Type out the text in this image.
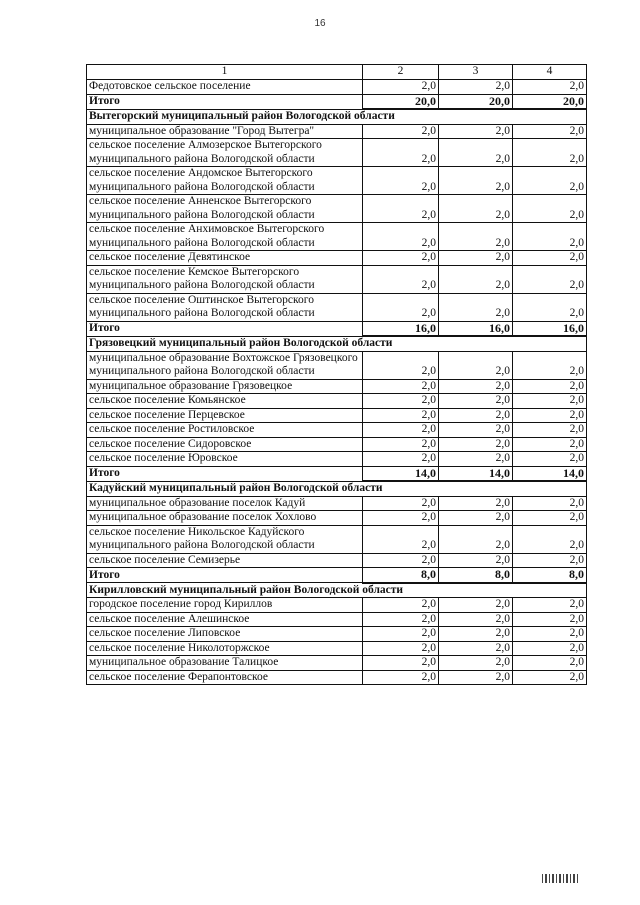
16
1	2	3	4
Федотовское сельское поселение	2,0	2,0	2,0
Итого	20,0	20,0	20,0
Вытегорский муниципальный район Вологодской области			
муниципальное образование "Город Вытегра"	2,0	2,0	2,0
сельское поселение Алмозерское Вытегорского муниципального района Вологодской области	2,0	2,0	2,0
сельское поселение Андомское Вытегорского муниципального района Вологодской области	2,0	2,0	2,0
сельское поселение Анненское Вытегорского муниципального района Вологодской области	2,0	2,0	2,0
сельское поселение Анхимовское Вытегорского муниципального района Вологодской области	2,0	2,0	2,0
сельское поселение Девятинское	2,0	2,0	2,0
сельское поселение Кемское Вытегорского муниципального района Вологодской области	2,0	2,0	2,0
сельское поселение Оштинское Вытегорского муниципального района Вологодской области	2,0	2,0	2,0
Итого	16,0	16,0	16,0
Грязовецкий муниципальный район Вологодской области			
муниципальное образование Вохтожское Грязовецкого муниципального района Вологодской области	2,0	2,0	2,0
муниципальное образование Грязовецкое	2,0	2,0	2,0
сельское поселение Комьянское	2,0	2,0	2,0
сельское поселение Перцевское	2,0	2,0	2,0
сельское поселение Ростиловское	2,0	2,0	2,0
сельское поселение Сидоровское	2,0	2,0	2,0
сельское поселение Юровское	2,0	2,0	2,0
Итого	14,0	14,0	14,0
Кадуйский муниципальный район Вологодской области			
муниципальное образование поселок Кадуй	2,0	2,0	2,0
муниципальное образование поселок Хохлово	2,0	2,0	2,0
сельское поселение Никольское Кадуйского муниципального района Вологодской области	2,0	2,0	2,0
сельское поселение Семизерье	2,0	2,0	2,0
Итого	8,0	8,0	8,0
Кирилловский муниципальный район Вологодской области			
городское поселение город Кириллов	2,0	2,0	2,0
сельское поселение Алешинское	2,0	2,0	2,0
сельское поселение Липовское	2,0	2,0	2,0
сельское поселение Николоторжское	2,0	2,0	2,0
муниципальное образование Талицкое	2,0	2,0	2,0
сельское поселение Ферапонтовское	2,0	2,0	2,0
